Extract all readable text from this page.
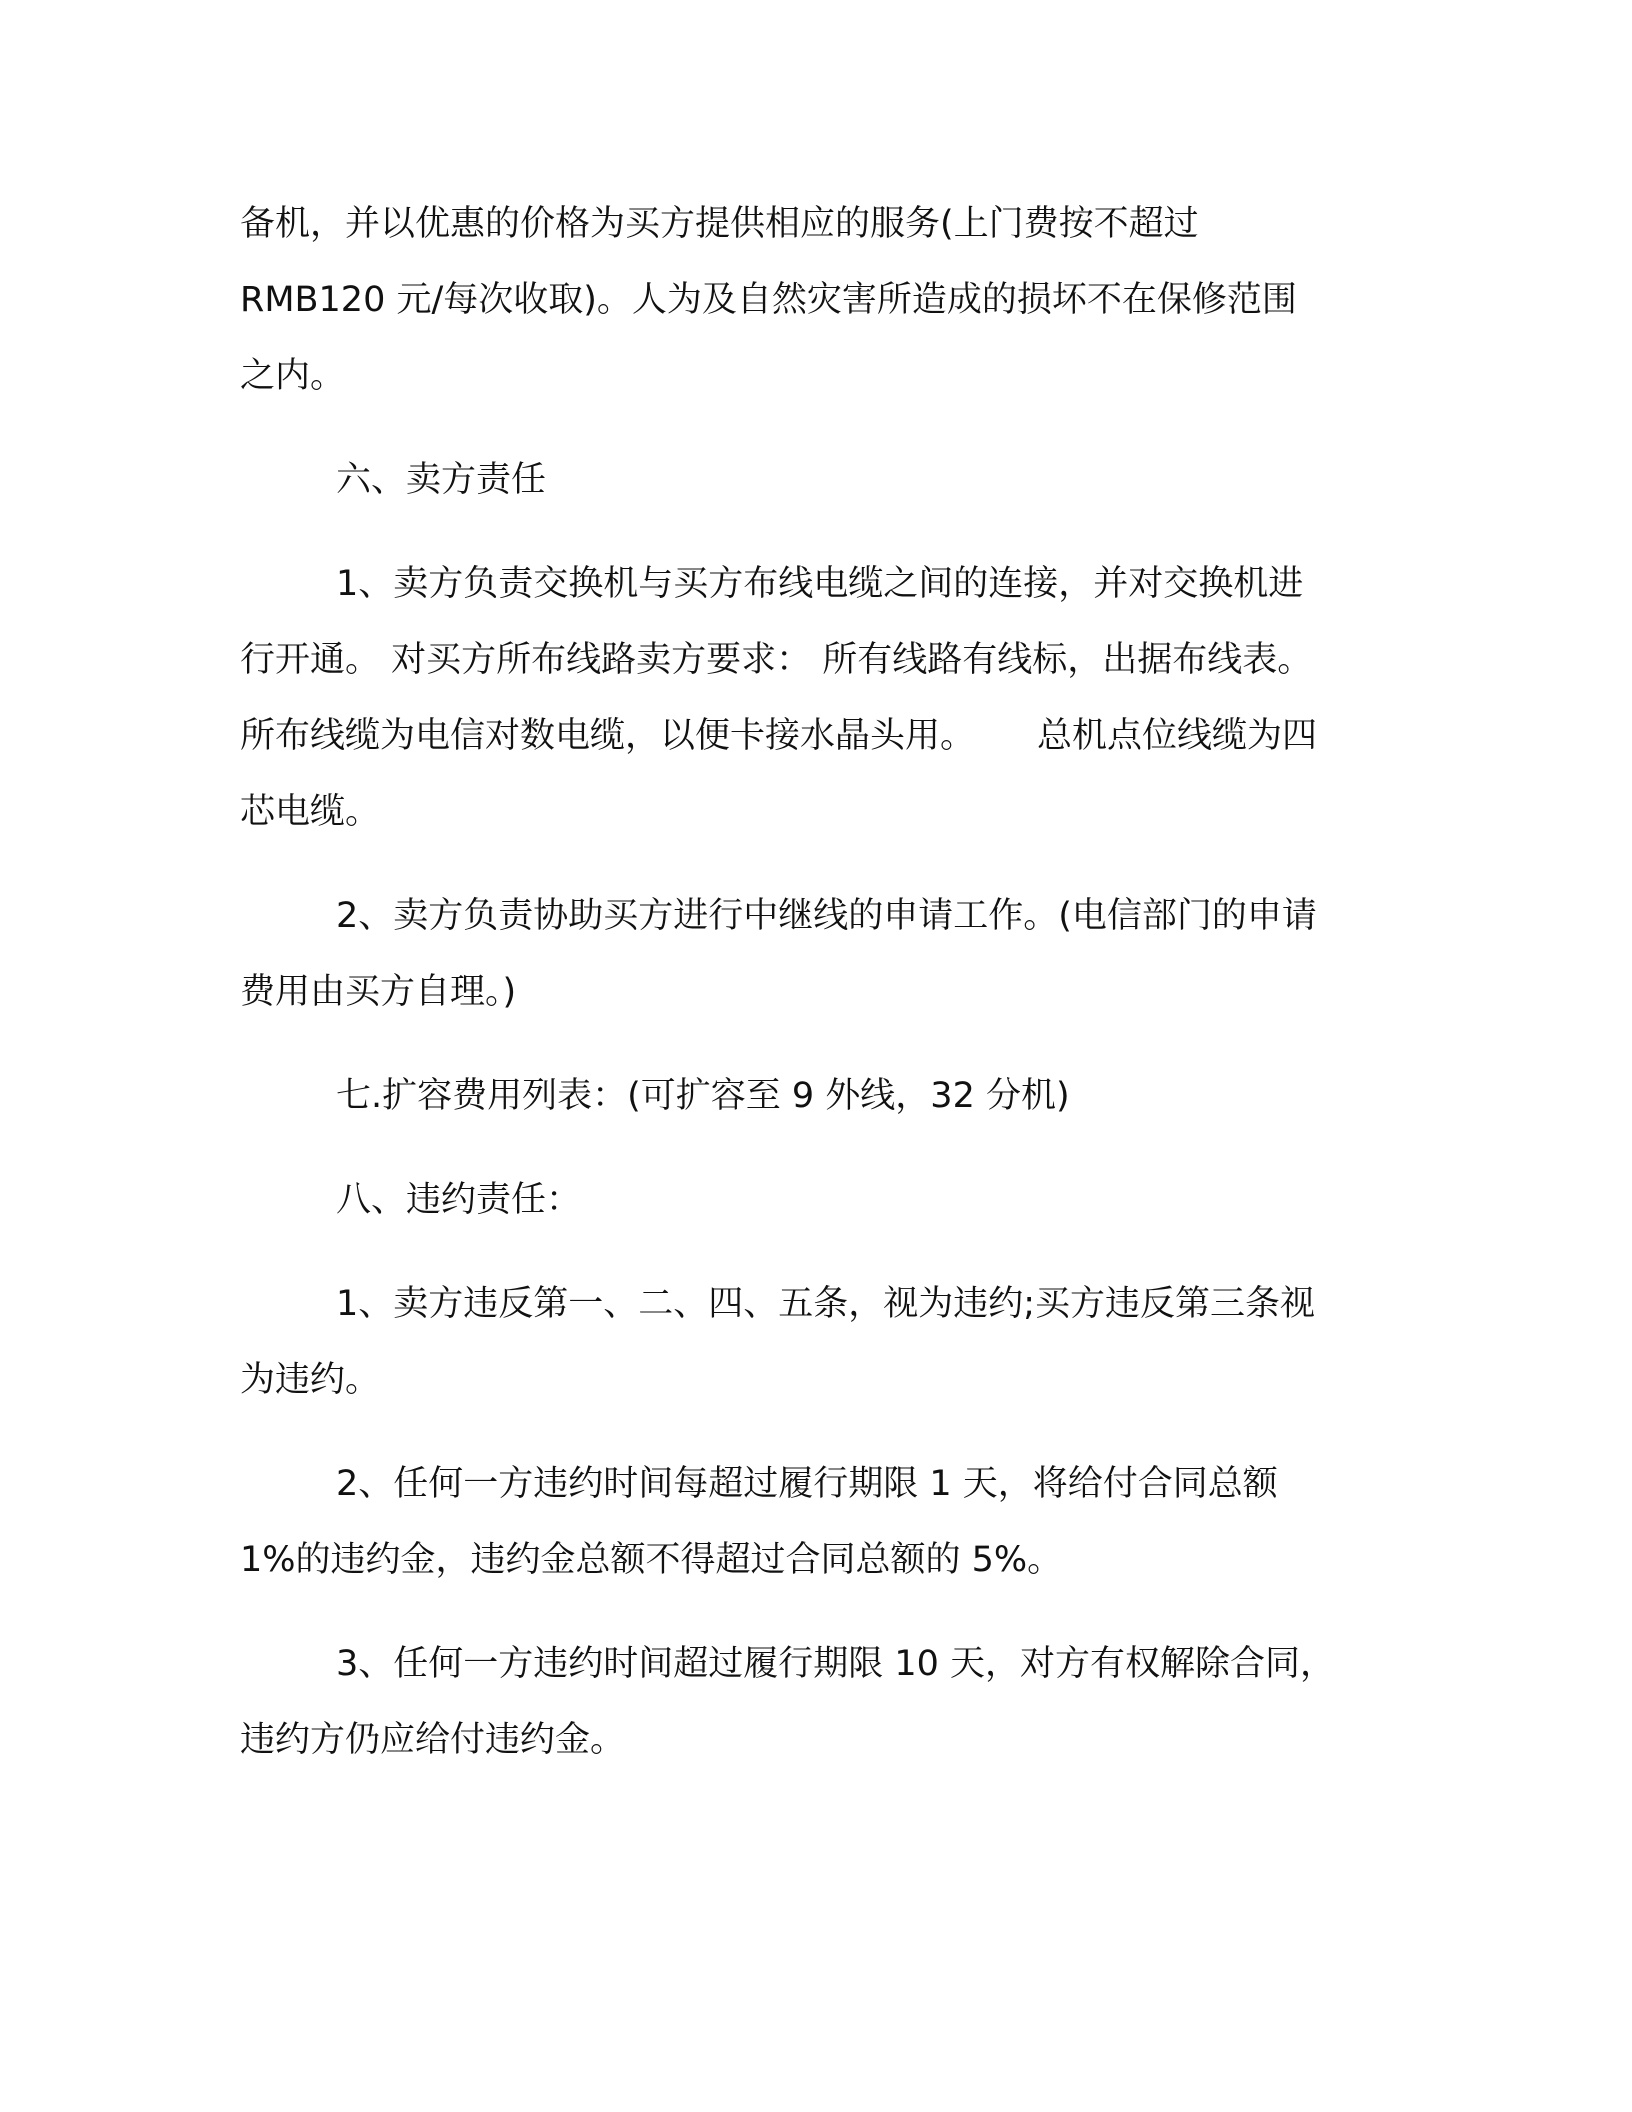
备机，并以优惠的价格为买方提供相应的服务(上门费按不超过
RMB120 元/每次收取)。人为及自然灾害所造成的损坏不在保修范围
之内。

六、卖方责任

1、卖方负责交换机与买方布线电缆之间的连接，并对交换机进
行开通。 对买方所布线路卖方要求： 所有线路有线标，出据布线表。
所布线缆为电信对数电缆，以便卡接水晶头用。 总机点位线缆为四
芯电缆。

2、卖方负责协助买方进行中继线的申请工作。(电信部门的申请
费用由买方自理。)

七.扩容费用列表：(可扩容至 9 外线，32 分机)

八、违约责任：

1、卖方违反第一、二、四、五条，视为违约;买方违反第三条视
为违约。

2、任何一方违约时间每超过履行期限 1 天，将给付合同总额
1%的违约金，违约金总额不得超过合同总额的 5%。

3、任何一方违约时间超过履行期限 10 天，对方有权解除合同，
违约方仍应给付违约金。
